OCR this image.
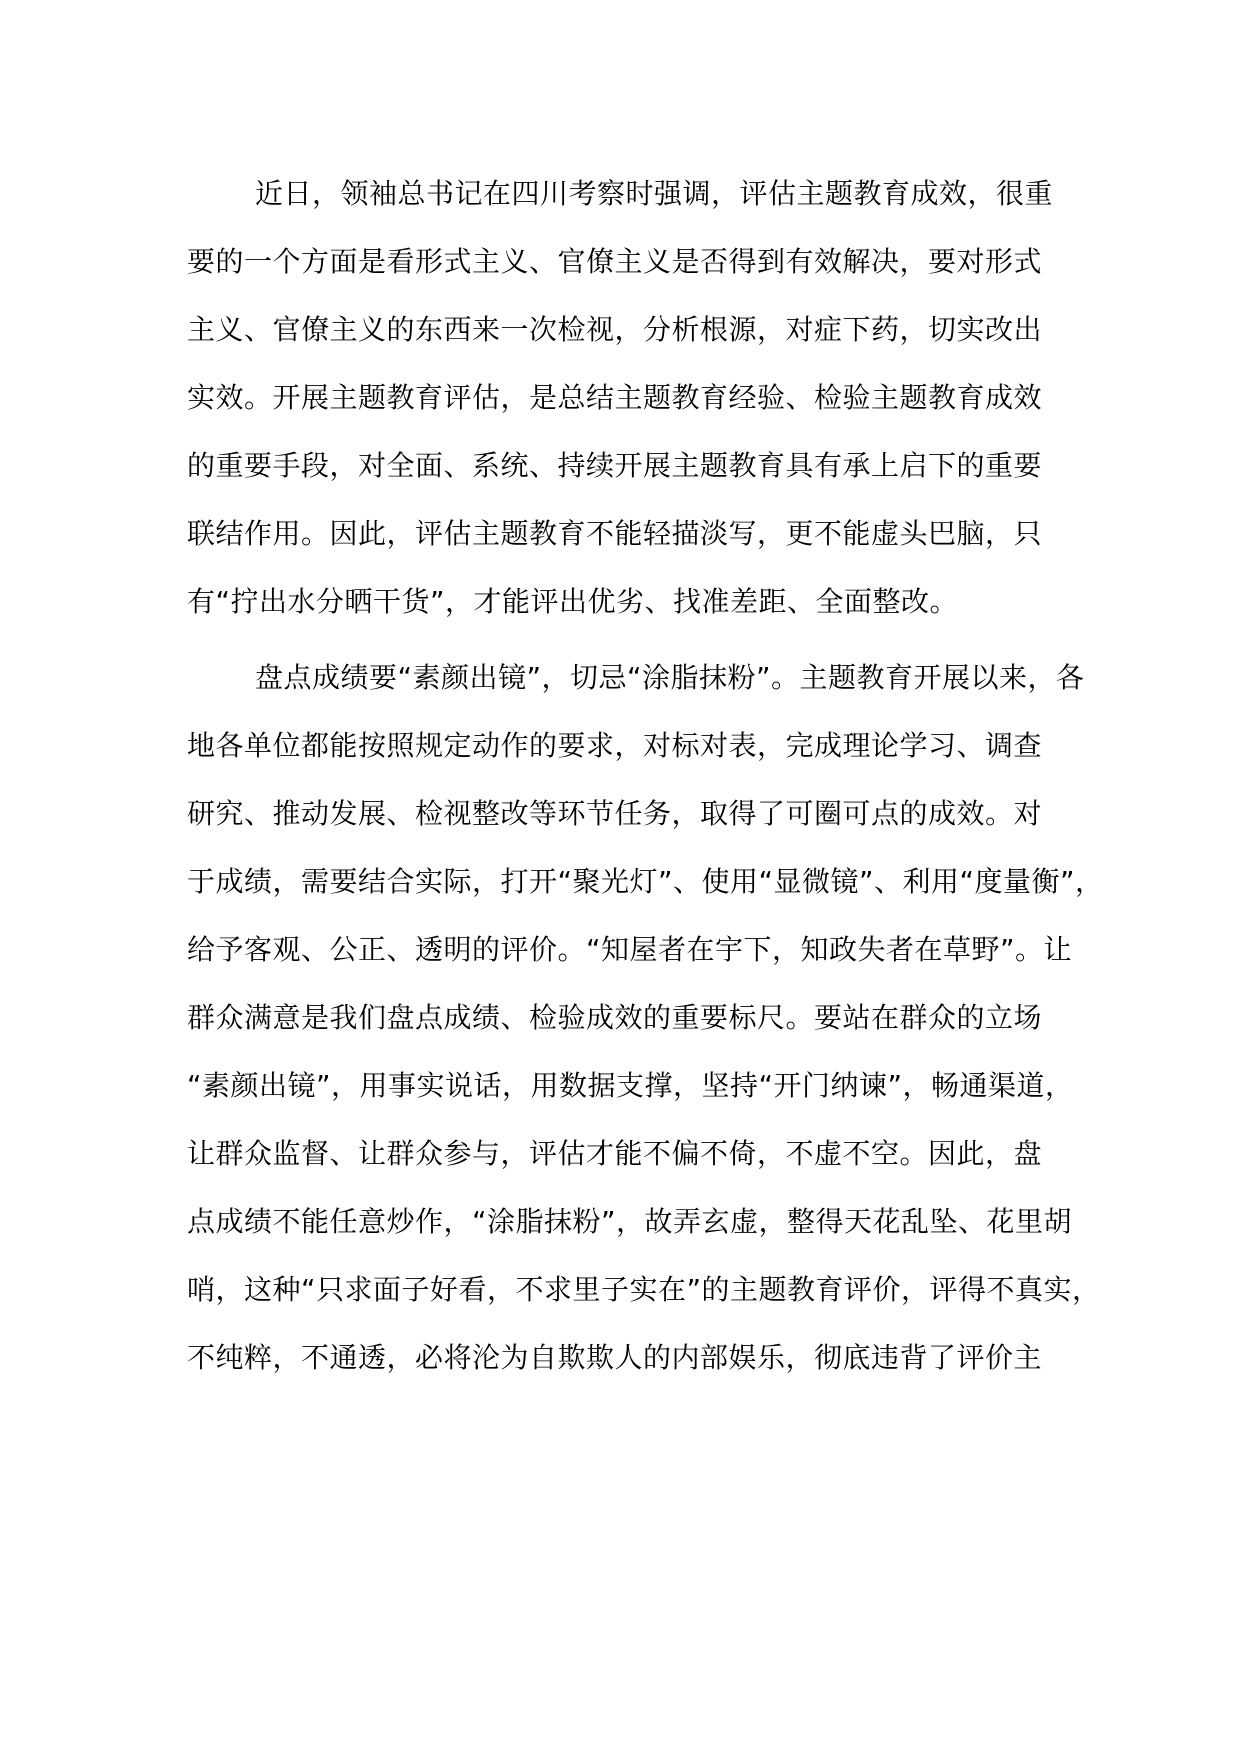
近日，领袖总书记在四川考察时强调，评估主题教育成效，很重

要的一个方面是看形式主义、官僚主义是否得到有效解决，要对形式

主义、官僚主义的东西来一次检视，分析根源，对症下药，切实改出

实效。开展主题教育评估，是总结主题教育经验、检验主题教育成效

的重要手段，对全面、系统、持续开展主题教育具有承上启下的重要

联结作用。因此，评估主题教育不能轻描淡写，更不能虚头巴脑，只

有“拧出水分晒干货”，才能评出优劣、找准差距、全面整改。

盘点成绩要“素颜出镜”，切忌“涂脂抹粉”。主题教育开展以来，各

地各单位都能按照规定动作的要求，对标对表，完成理论学习、调查

研究、推动发展、检视整改等环节任务，取得了可圈可点的成效。对

于成绩，需要结合实际，打开“聚光灯”、使用“显微镜”、利用“度量衡”，

给予客观、公正、透明的评价。“知屋者在宇下，知政失者在草野”。让

群众满意是我们盘点成绩、检验成效的重要标尺。要站在群众的立场

“素颜出镜”，用事实说话，用数据支撑，坚持“开门纳谏”，畅通渠道，

让群众监督、让群众参与，评估才能不偏不倚，不虚不空。因此，盘

点成绩不能任意炒作，“涂脂抹粉”，故弄玄虚，整得天花乱坠、花里胡

哨，这种“只求面子好看，不求里子实在”的主题教育评价，评得不真实，

不纯粹，不通透，必将沦为自欺欺人的内部娱乐，彻底违背了评价主
